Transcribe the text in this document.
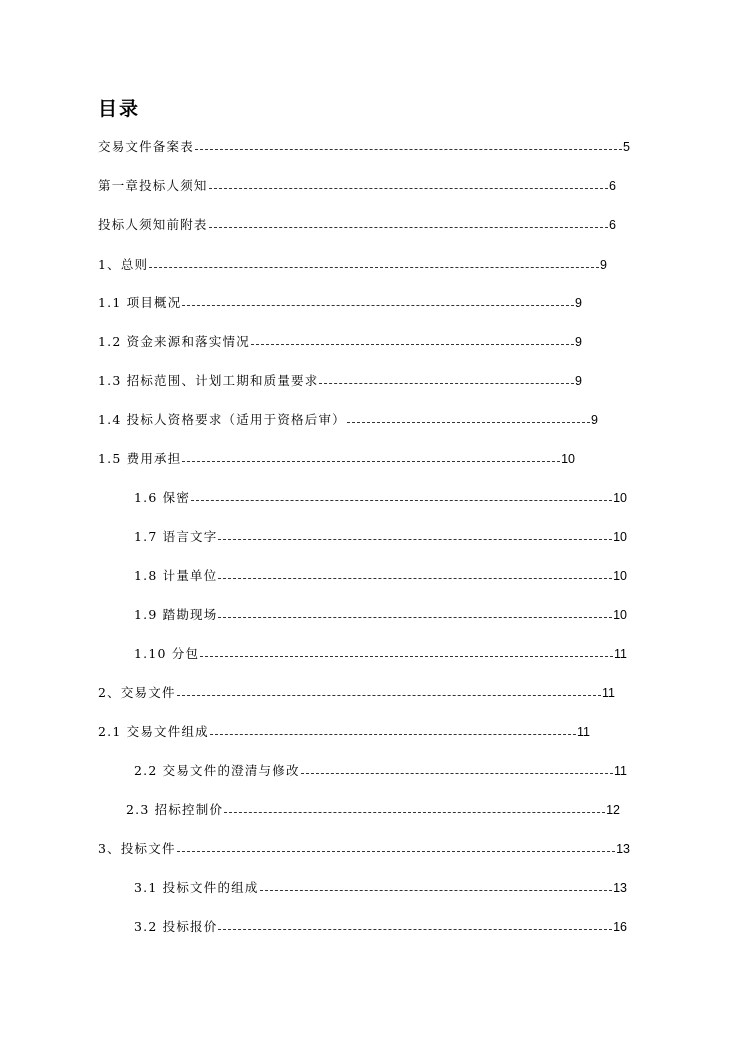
目录
交易文件备案表	5
第一章投标人须知	6
投标人须知前附表	6
1、总则	9
1.1 项目概况	9
1.2 资金来源和落实情况	9
1.3 招标范围、计划工期和质量要求	9
1.4 投标人资格要求（适用于资格后审）	9
1.5 费用承担	10
1.6 保密	10
1.7 语言文字	10
1.8 计量单位	10
1.9 踏勘现场	10
1.10 分包	11
2、交易文件	11
2.1 交易文件组成	11
2.2 交易文件的澄清与修改	11
2.3 招标控制价	12
3、投标文件	13
3.1 投标文件的组成	13
3.2 投标报价	16
